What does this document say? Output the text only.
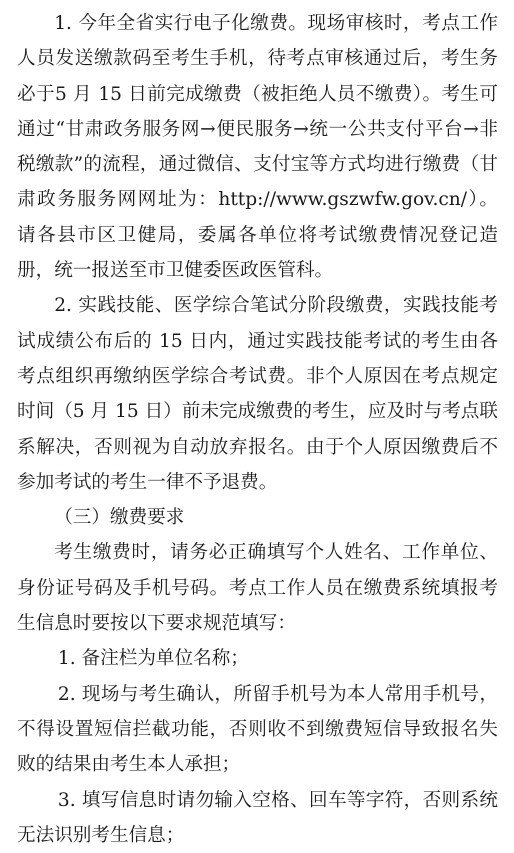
1. 今年全省实行电子化缴费。现场审核时，考点工作人员发送缴款码至考生手机，待考点审核通过后，考生务必于5 月 15 日前完成缴费（被拒绝人员不缴费）。考生可通过“甘肃政务服务网→便民服务→统一公共支付平台→非税缴款”的流程，通过微信、支付宝等方式均进行缴费（甘肃政务服务网网址为：http://www.gszwfw.gov.cn/）。请各县市区卫健局，委属各单位将考试缴费情况登记造册，统一报送至市卫健委医政医管科。

2. 实践技能、医学综合笔试分阶段缴费，实践技能考试成绩公布后的 15 日内，通过实践技能考试的考生由各考点组织再缴纳医学综合考试费。非个人原因在考点规定时间（5 月 15 日）前未完成缴费的考生，应及时与考点联系解决，否则视为自动放弃报名。由于个人原因缴费后不参加考试的考生一律不予退费。

（三）缴费要求

考生缴费时，请务必正确填写个人姓名、工作单位、身份证号码及手机号码。考点工作人员在缴费系统填报考生信息时要按以下要求规范填写：

1. 备注栏为单位名称；

2. 现场与考生确认，所留手机号为本人常用手机号，不得设置短信拦截功能，否则收不到缴费短信导致报名失败的结果由考生本人承担；

3. 填写信息时请勿输入空格、回车等字符，否则系统无法识别考生信息；
